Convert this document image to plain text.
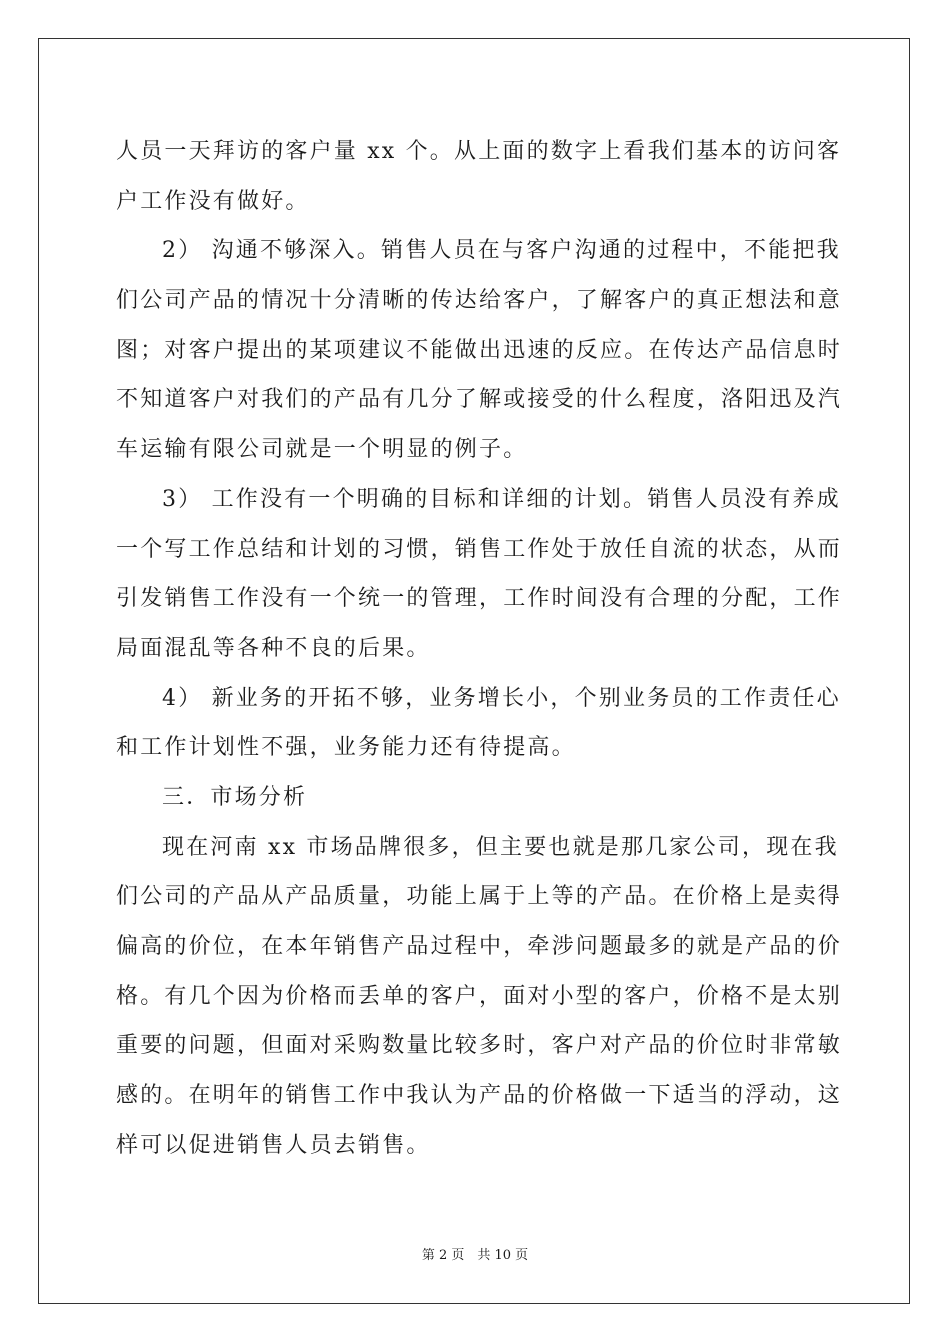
人员一天拜访的客户量 xx 个。从上面的数字上看我们基本的访问客
户工作没有做好。
2） 沟通不够深入。销售人员在与客户沟通的过程中，不能把我
们公司产品的情况十分清晰的传达给客户，了解客户的真正想法和意
图；对客户提出的某项建议不能做出迅速的反应。在传达产品信息时
不知道客户对我们的产品有几分了解或接受的什么程度，洛阳迅及汽
车运输有限公司就是一个明显的例子。
3） 工作没有一个明确的目标和详细的计划。销售人员没有养成
一个写工作总结和计划的习惯，销售工作处于放任自流的状态，从而
引发销售工作没有一个统一的管理，工作时间没有合理的分配，工作
局面混乱等各种不良的后果。
4） 新业务的开拓不够，业务增长小，个别业务员的工作责任心
和工作计划性不强，业务能力还有待提高。
三．市场分析
现在河南 xx 市场品牌很多，但主要也就是那几家公司，现在我
们公司的产品从产品质量，功能上属于上等的产品。在价格上是卖得
偏高的价位，在本年销售产品过程中，牵涉问题最多的就是产品的价
格。有几个因为价格而丢单的客户，面对小型的客户，价格不是太别
重要的问题，但面对采购数量比较多时，客户对产品的价位时非常敏
感的。在明年的销售工作中我认为产品的价格做一下适当的浮动，这
样可以促进销售人员去销售。
第 2 页　共 10 页
